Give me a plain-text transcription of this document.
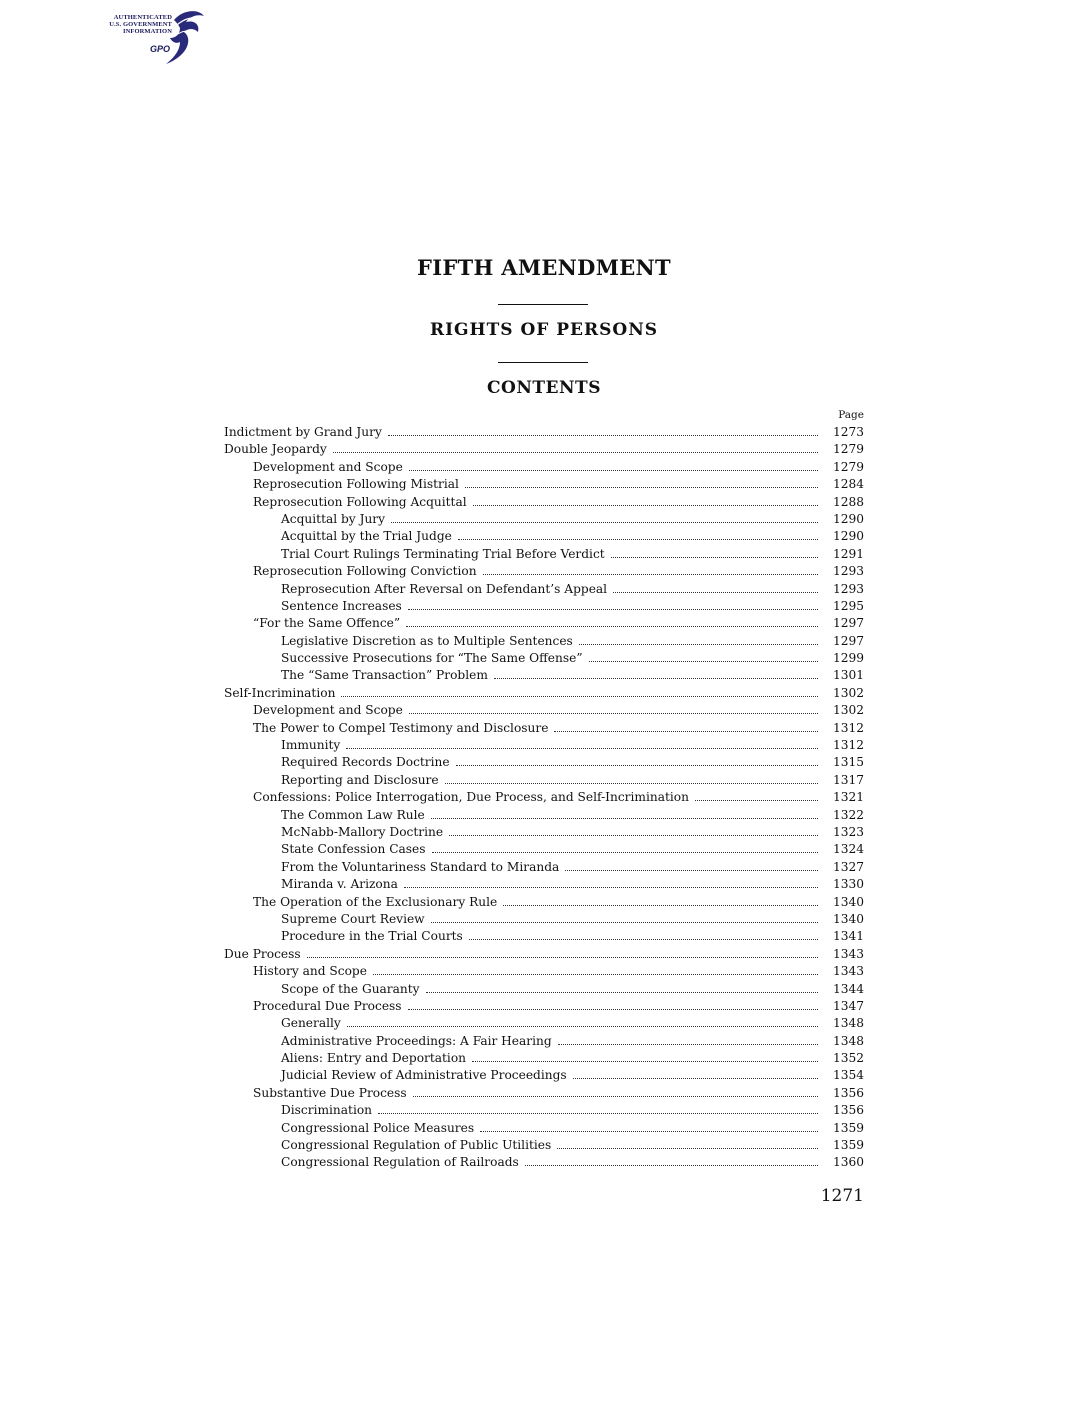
AUTHENTICATED
U.S. GOVERNMENT
INFORMATION
GPO
FIFTH AMENDMENT
RIGHTS OF PERSONS
CONTENTS
Page
Indictment by Grand Jury	1273
Double Jeopardy	1279
Development and Scope	1279
Reprosecution Following Mistrial	1284
Reprosecution Following Acquittal	1288
Acquittal by Jury	1290
Acquittal by the Trial Judge	1290
Trial Court Rulings Terminating Trial Before Verdict	1291
Reprosecution Following Conviction	1293
Reprosecution After Reversal on Defendant’s Appeal	1293
Sentence Increases	1295
“For the Same Offence”	1297
Legislative Discretion as to Multiple Sentences	1297
Successive Prosecutions for “The Same Offense”	1299
The “Same Transaction” Problem	1301
Self-Incrimination	1302
Development and Scope	1302
The Power to Compel Testimony and Disclosure	1312
Immunity	1312
Required Records Doctrine	1315
Reporting and Disclosure	1317
Confessions: Police Interrogation, Due Process, and Self-Incrimination	1321
The Common Law Rule	1322
McNabb-Mallory Doctrine	1323
State Confession Cases	1324
From the Voluntariness Standard to Miranda	1327
Miranda v. Arizona	1330
The Operation of the Exclusionary Rule	1340
Supreme Court Review	1340
Procedure in the Trial Courts	1341
Due Process	1343
History and Scope	1343
Scope of the Guaranty	1344
Procedural Due Process	1347
Generally	1348
Administrative Proceedings: A Fair Hearing	1348
Aliens: Entry and Deportation	1352
Judicial Review of Administrative Proceedings	1354
Substantive Due Process	1356
Discrimination	1356
Congressional Police Measures	1359
Congressional Regulation of Public Utilities	1359
Congressional Regulation of Railroads	1360
1271
